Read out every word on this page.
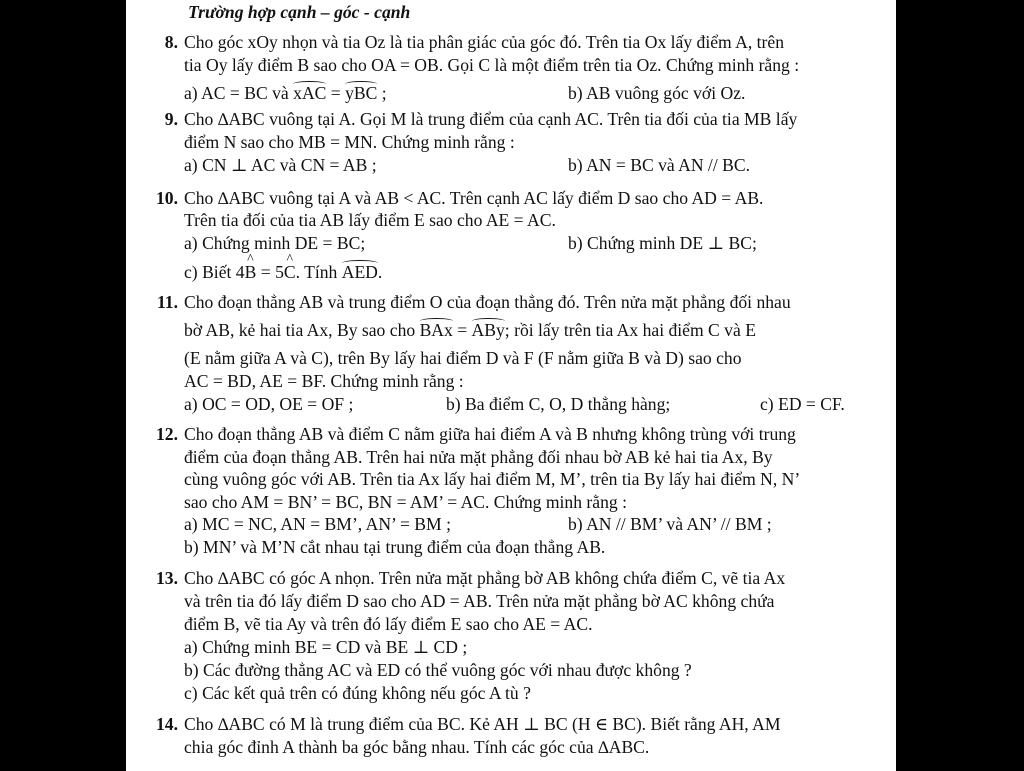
Trường hợp cạnh – góc - cạnh
8. Cho góc xOy nhọn và tia Oz là tia phân giác của góc đó. Trên tia Ox lấy điểm A, trên
tia Oy lấy điểm B sao cho OA = OB. Gọi C là một điểm trên tia Oz. Chứng minh rằng :
a) AC = BC và xAC = yBC ;	b) AB vuông góc với Oz.
9. Cho ∆ABC vuông tại A. Gọi M là trung điểm của cạnh AC. Trên tia đối của tia MB lấy
điểm N sao cho MB = MN. Chứng minh rằng :
a) CN ⊥ AC và CN = AB ;	b) AN = BC và AN // BC.
10. Cho ∆ABC vuông tại A và AB < AC. Trên cạnh AC lấy điểm D sao cho AD = AB.
Trên tia đối của tia AB lấy điểm E sao cho AE = AC.
a) Chứng minh DE = BC;	b) Chứng minh DE ⊥ BC;
c) Biết 4^ B = 5^ C. Tính AED.
11. Cho đoạn thẳng AB và trung điểm O của đoạn thẳng đó. Trên nửa mặt phẳng đối nhau
bờ AB, kẻ hai tia Ax, By sao cho BAx = ABy; rồi lấy trên tia Ax hai điểm C và E
(E nằm giữa A và C), trên By lấy hai điểm D và F (F nằm giữa B và D) sao cho
AC = BD, AE = BF. Chứng minh rằng :
a) OC = OD, OE = OF ;	b) Ba điểm C, O, D thẳng hàng;	c) ED = CF.
12. Cho đoạn thẳng AB và điểm C nằm giữa hai điểm A và B nhưng không trùng với trung
điểm của đoạn thẳng AB. Trên hai nửa mặt phẳng đối nhau bờ AB kẻ hai tia Ax, By
cùng vuông góc với AB. Trên tia Ax lấy hai điểm M, M’, trên tia By lấy hai điểm N, N’
sao cho AM = BN’ = BC, BN = AM’ = AC. Chứng minh rằng :
a) MC = NC, AN = BM’, AN’ = BM ;	b) AN // BM’ và AN’ // BM ;
b) MN’ và M’N cắt nhau tại trung điểm của đoạn thẳng AB.
13. Cho ∆ABC có góc A nhọn. Trên nửa mặt phẳng bờ AB không chứa điểm C, vẽ tia Ax
và trên tia đó lấy điểm D sao cho AD = AB. Trên nửa mặt phẳng bờ AC không chứa
điểm B, vẽ tia Ay và trên đó lấy điểm E sao cho AE = AC.
a) Chứng minh BE = CD và BE ⊥ CD ;
b) Các đường thẳng AC và ED có thể vuông góc với nhau được không ?
c) Các kết quả trên có đúng không nếu góc A tù ?
14. Cho ∆ABC có M là trung điểm của BC. Kẻ AH ⊥ BC (H ∈ BC). Biết rằng AH, AM
chia góc đỉnh A thành ba góc bằng nhau. Tính các góc của ∆ABC.
